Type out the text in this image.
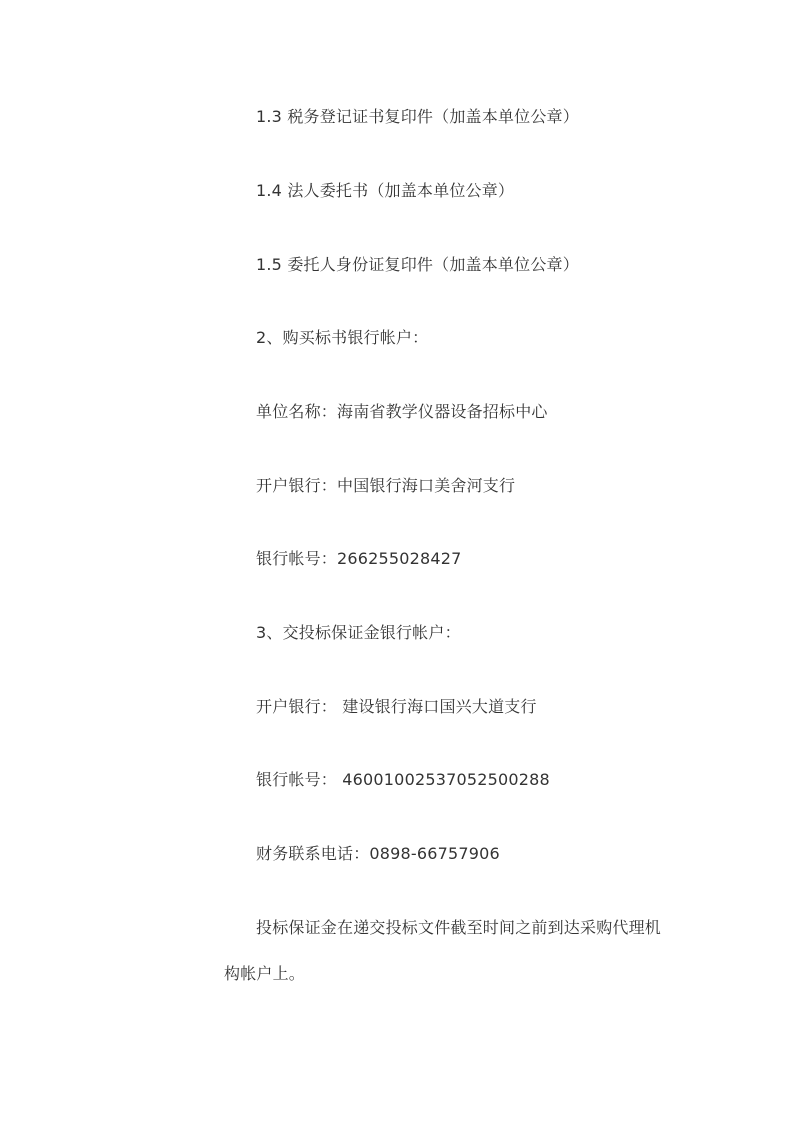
1.3 税务登记证书复印件（加盖本单位公章）
1.4 法人委托书（加盖本单位公章）
1.5 委托人身份证复印件（加盖本单位公章）
2、购买标书银行帐户：
单位名称：海南省教学仪器设备招标中心
开户银行：中国银行海口美舍河支行
银行帐号：266255028427
3、交投标保证金银行帐户：
开户银行： 建设银行海口国兴大道支行
银行帐号： 46001002537052500288
财务联系电话：0898-66757906
投标保证金在递交投标文件截至时间之前到达采购代理机
构帐户上。
